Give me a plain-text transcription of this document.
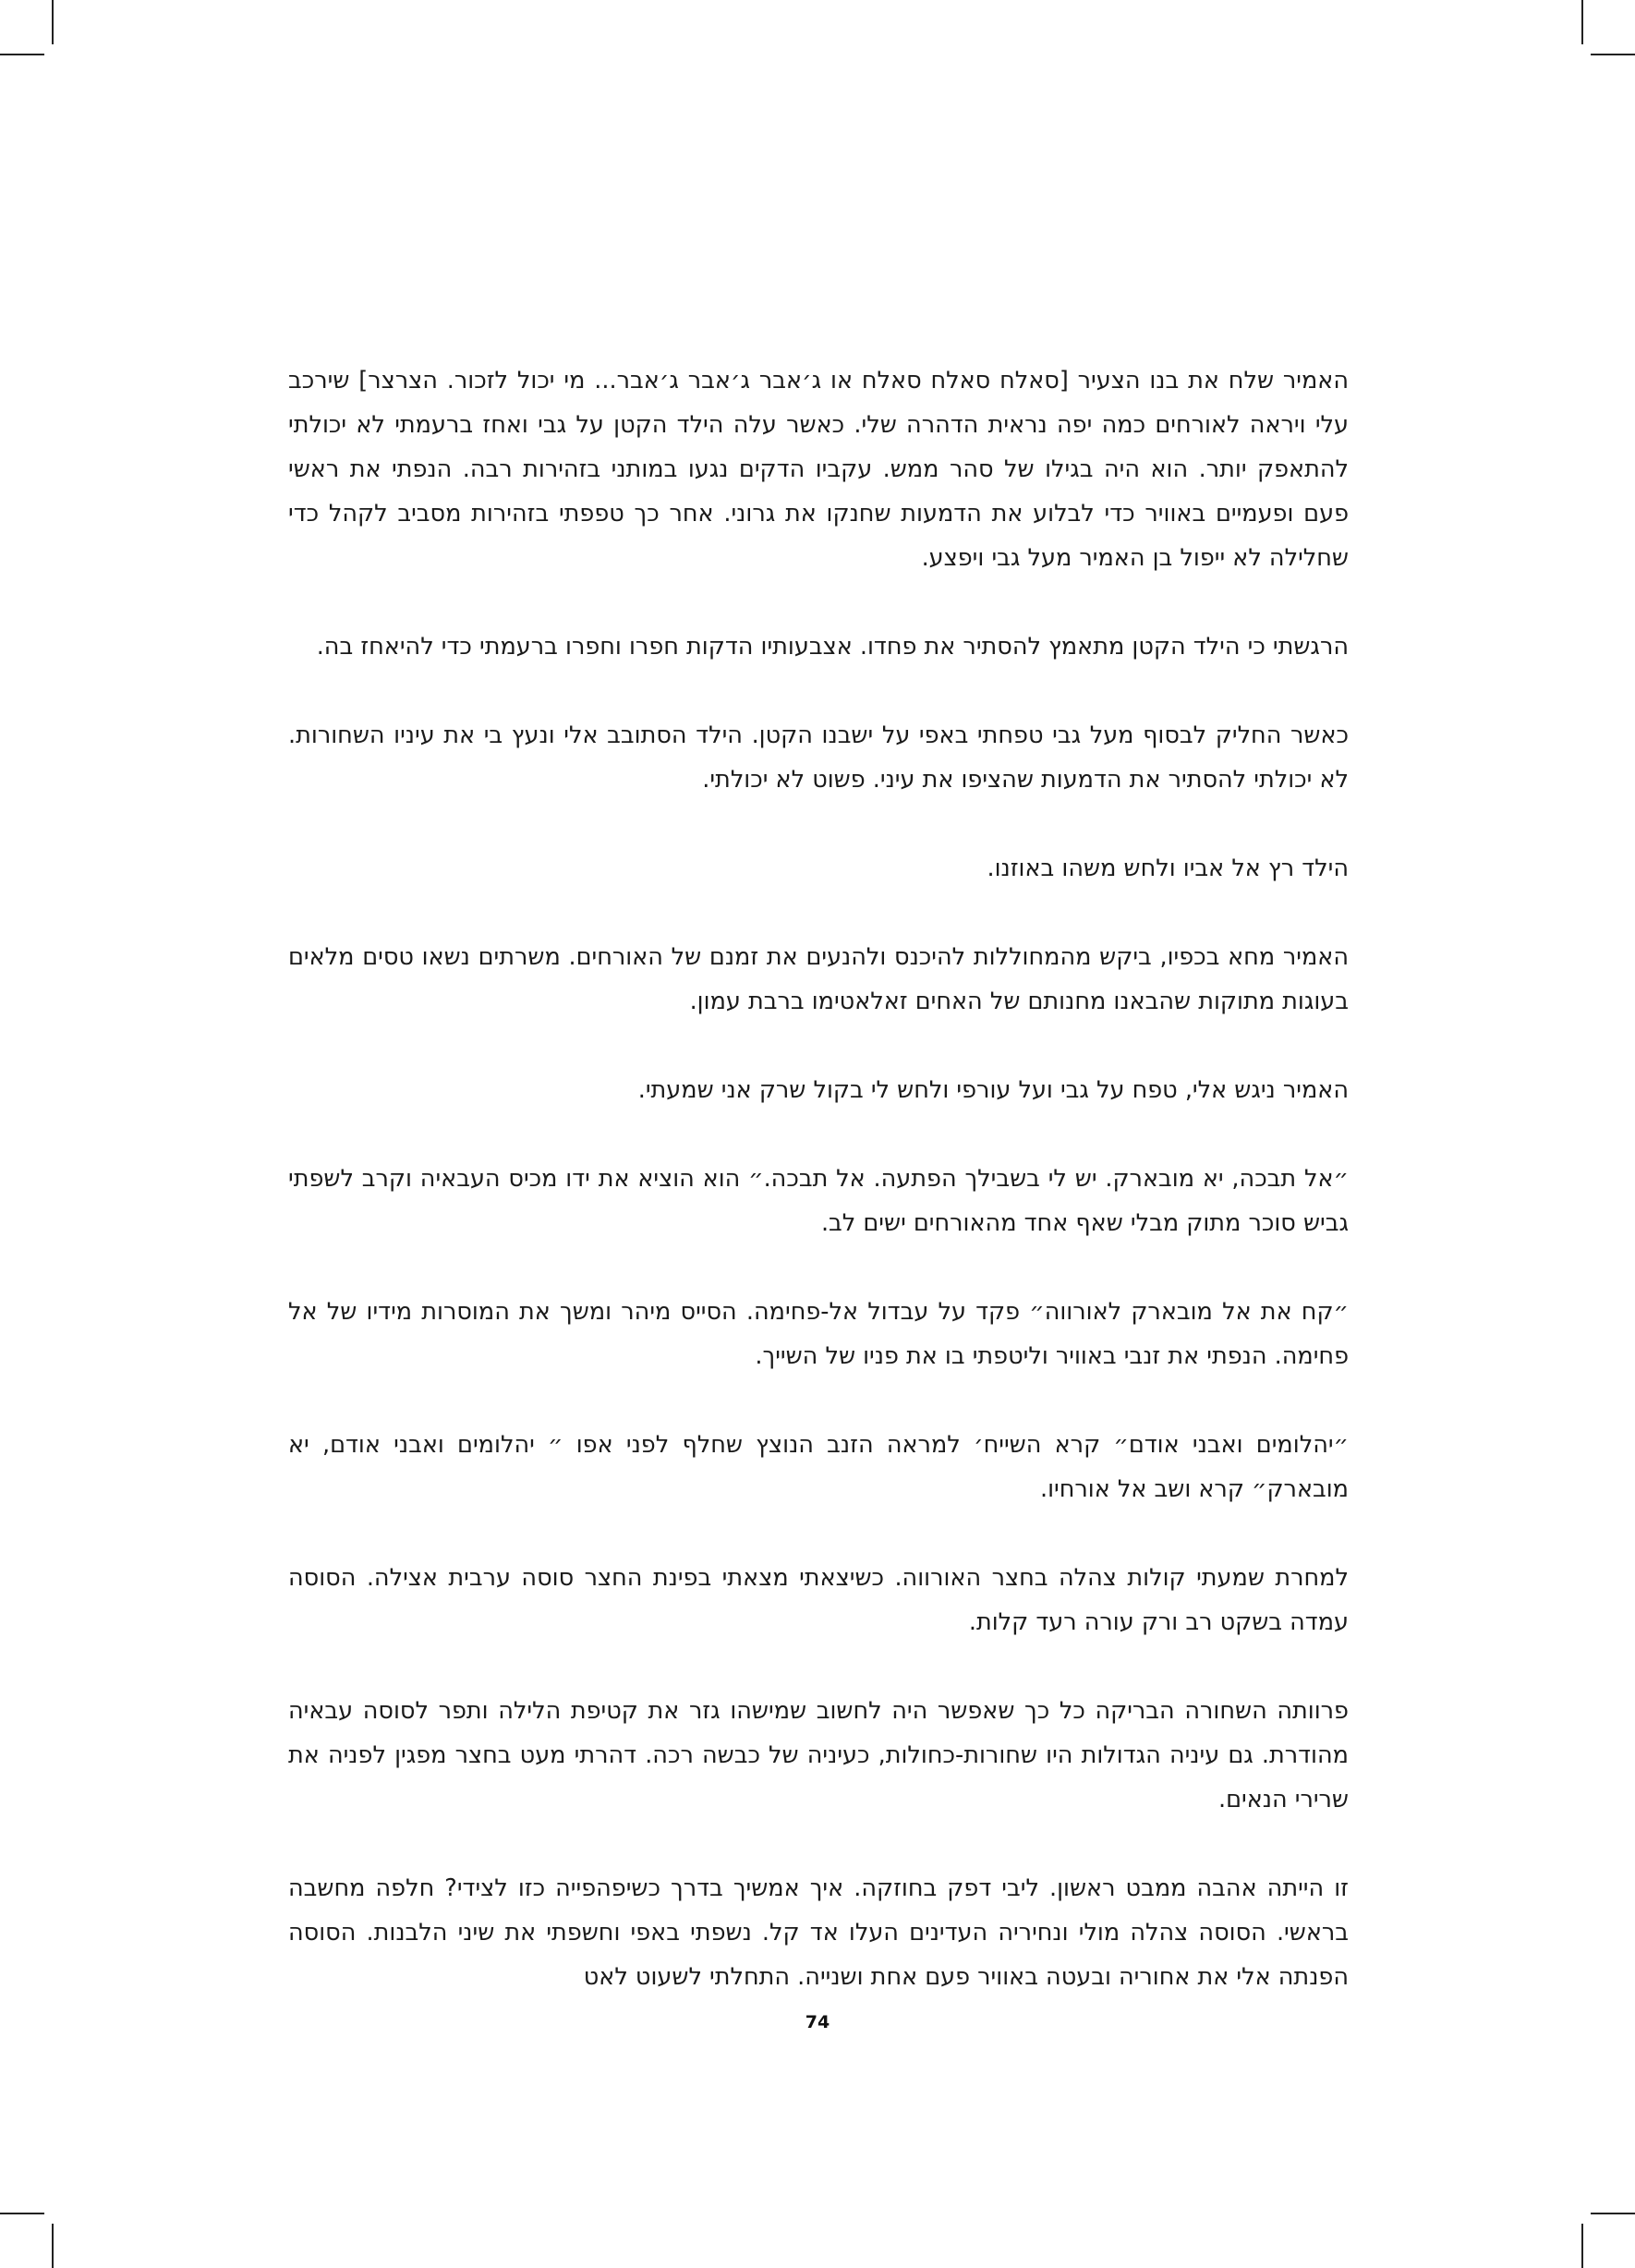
האמיר שלח את בנו הצעיר [סאלח סאלח סאלח או ג׳אבר ג׳אבר ג׳אבר... מי יכול לזכור. הצרצר] שירכב עלי ויראה לאורחים כמה יפה נראית הדהרה שלי. כאשר עלה הילד הקטן על גבי ואחז ברעמתי לא יכולתי להתאפק יותר. הוא היה בגילו של סהר ממש. עקביו הדקים נגעו במותני בזהירות רבה. הנפתי את ראשי פעם ופעמיים באוויר כדי לבלוע את הדמעות שחנקו את גרוני. אחר כך טפפתי בזהירות מסביב לקהל כדי שחלילה לא ייפול בן האמיר מעל גבי ויפצע.

הרגשתי כי הילד הקטן מתאמץ להסתיר את פחדו. אצבעותיו הדקות חפרו וחפרו ברעמתי כדי להיאחז בה.

כאשר החליק לבסוף מעל גבי טפחתי באפי על ישבנו הקטן. הילד הסתובב אלי ונעץ בי את עיניו השחורות. לא יכולתי להסתיר את הדמעות שהציפו את עיני. פשוט לא יכולתי.

הילד רץ אל אביו ולחש משהו באוזנו.

האמיר מחא בכפיו, ביקש מהמחוללות להיכנס ולהנעים את זמנם של האורחים. משרתים נשאו טסים מלאים בעוגות מתוקות שהבאנו מחנותם של האחים זאלאטימו ברבת עמון.

האמיר ניגש אלי, טפח על גבי ועל עורפי ולחש לי בקול שרק אני שמעתי.

״אל תבכה, יא מובארק. יש לי בשבילך הפתעה. אל תבכה.״ הוא הוציא את ידו מכיס העבאיה וקרב לשפתי גביש סוכר מתוק מבלי שאף אחד מהאורחים ישים לב.

״קח את אל מובארק לאורווה״ פקד על עבדול אל-פחימה. הסייס מיהר ומשך את המוסרות מידיו של אל פחימה. הנפתי את זנבי באוויר וליטפתי בו את פניו של השייך.

״יהלומים ואבני אודם״ קרא השייח׳ למראה הזנב הנוצץ שחלף לפני אפו ״ יהלומים ואבני אודם, יא מובארק״ קרא ושב אל אורחיו.

למחרת שמעתי קולות צהלה בחצר האורווה. כשיצאתי מצאתי בפינת החצר סוסה ערבית אצילה. הסוסה עמדה בשקט רב ורק עורה רעד קלות.

פרוותה השחורה הבריקה כל כך שאפשר היה לחשוב שמישהו גזר את קטיפת הלילה ותפר לסוסה עבאיה מהודרת. גם עיניה הגדולות היו שחורות-כחולות, כעיניה של כבשה רכה. דהרתי מעט בחצר מפגין לפניה את שרירי הנאים.

זו הייתה אהבה ממבט ראשון. ליבי דפק בחוזקה. איך אמשיך בדרך כשיפהפייה כזו לצידי? חלפה מחשבה בראשי. הסוסה צהלה מולי ונחיריה העדינים העלו אד קל. נשפתי באפי וחשפתי את שיני הלבנות. הסוסה הפנתה אלי את אחוריה ובעטה באוויר פעם אחת ושנייה. התחלתי לשעוט לאט

74
